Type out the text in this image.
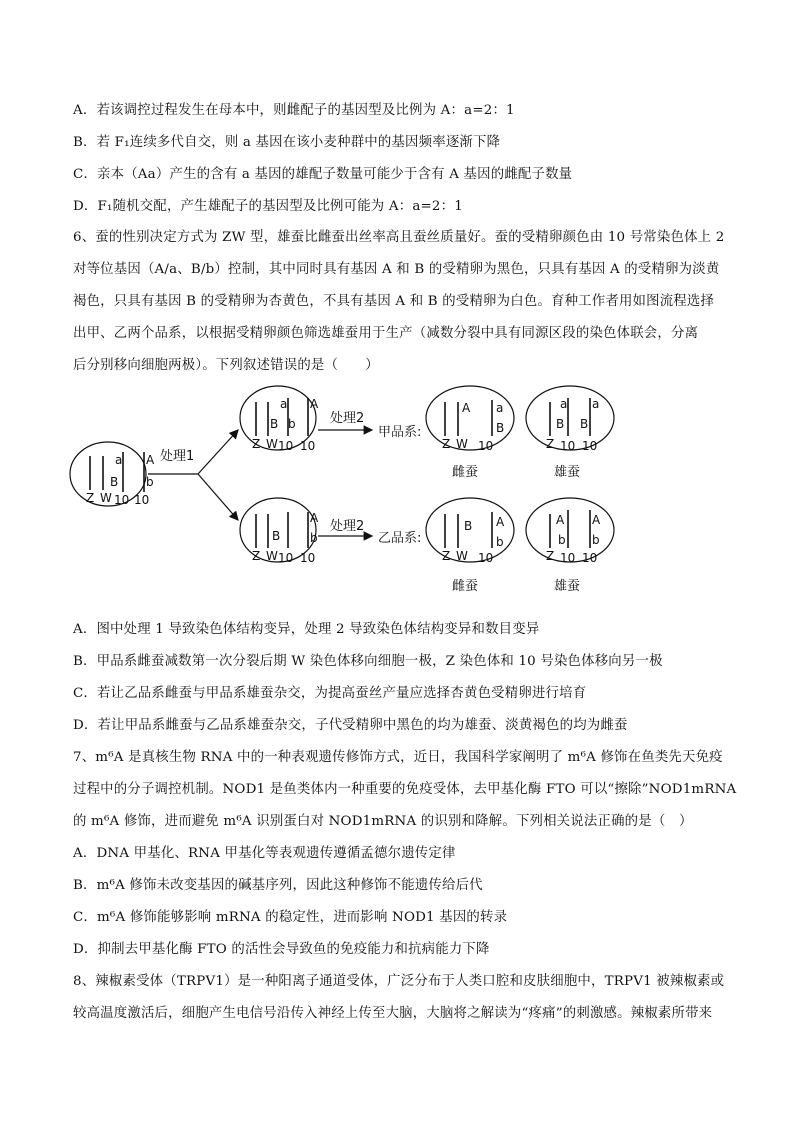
A．若该调控过程发生在母本中，则雌配子的基因型及比例为 A：a=2：1
B．若 F₁连续多代自交，则 a 基因在该小麦种群中的基因频率逐渐下降
C．亲本（Aa）产生的含有 a 基因的雄配子数量可能少于含有 A 基因的雌配子数量
D．F₁随机交配，产生雄配子的基因型及比例可能为 A：a=2：1
6、蚕的性别决定方式为 ZW 型，雄蚕比雌蚕出丝率高且蚕丝质量好。蚕的受精卵颜色由 10 号常染色体上 2
对等位基因（A/a、B/b）控制，其中同时具有基因 A 和 B 的受精卵为黑色，只具有基因 A 的受精卵为淡黄
褐色，只具有基因 B 的受精卵为杏黄色，不具有基因 A 和 B 的受精卵为白色。育种工作者用如图流程选择
出甲、乙两个品系，以根据受精卵颜色筛选雄蚕用于生产（减数分裂中具有同源区段的染色体联会，分离
后分别移向细胞两极）。下列叙述错误的是（　　）
Z W 10 10
a A
B b
处理1
Z W 10 10
a A
B b	处理2
甲品系:
Z W
A a
B
10
雌蚕
Z
a a
B B
10 10
雄蚕
Z W 10 10
B
A
b
处理2
乙品系:
Z W
B A
b
10
雌蚕
Z
A A
b b
10 10
雄蚕
A．图中处理 1 导致染色体结构变异，处理 2 导致染色体结构变异和数目变异
B．甲品系雌蚕减数第一次分裂后期 W 染色体移向细胞一极，Z 染色体和 10 号染色体移向另一极
C．若让乙品系雌蚕与甲品系雄蚕杂交，为提高蚕丝产量应选择杏黄色受精卵进行培育
D．若让甲品系雌蚕与乙品系雄蚕杂交，子代受精卵中黑色的均为雄蚕、淡黄褐色的均为雌蚕
7、m⁶A 是真核生物 RNA 中的一种表观遗传修饰方式，近日，我国科学家阐明了 m⁶A 修饰在鱼类先天免疫
过程中的分子调控机制。NOD1 是鱼类体内一种重要的免疫受体，去甲基化酶 FTO 可以“擦除”NOD1mRNA
的 m⁶A 修饰，进而避免 m⁶A 识别蛋白对 NOD1mRNA 的识别和降解。下列相关说法正确的是（　）
A．DNA 甲基化、RNA 甲基化等表观遗传遵循孟德尔遗传定律
B．m⁶A 修饰未改变基因的碱基序列，因此这种修饰不能遗传给后代
C．m⁶A 修饰能够影响 mRNA 的稳定性，进而影响 NOD1 基因的转录
D．抑制去甲基化酶 FTO 的活性会导致鱼的免疫能力和抗病能力下降
8、辣椒素受体（TRPV1）是一种阳离子通道受体，广泛分布于人类口腔和皮肤细胞中，TRPV1 被辣椒素或
较高温度激活后，细胞产生电信号沿传入神经上传至大脑，大脑将之解读为“疼痛”的刺激感。辣椒素所带来
